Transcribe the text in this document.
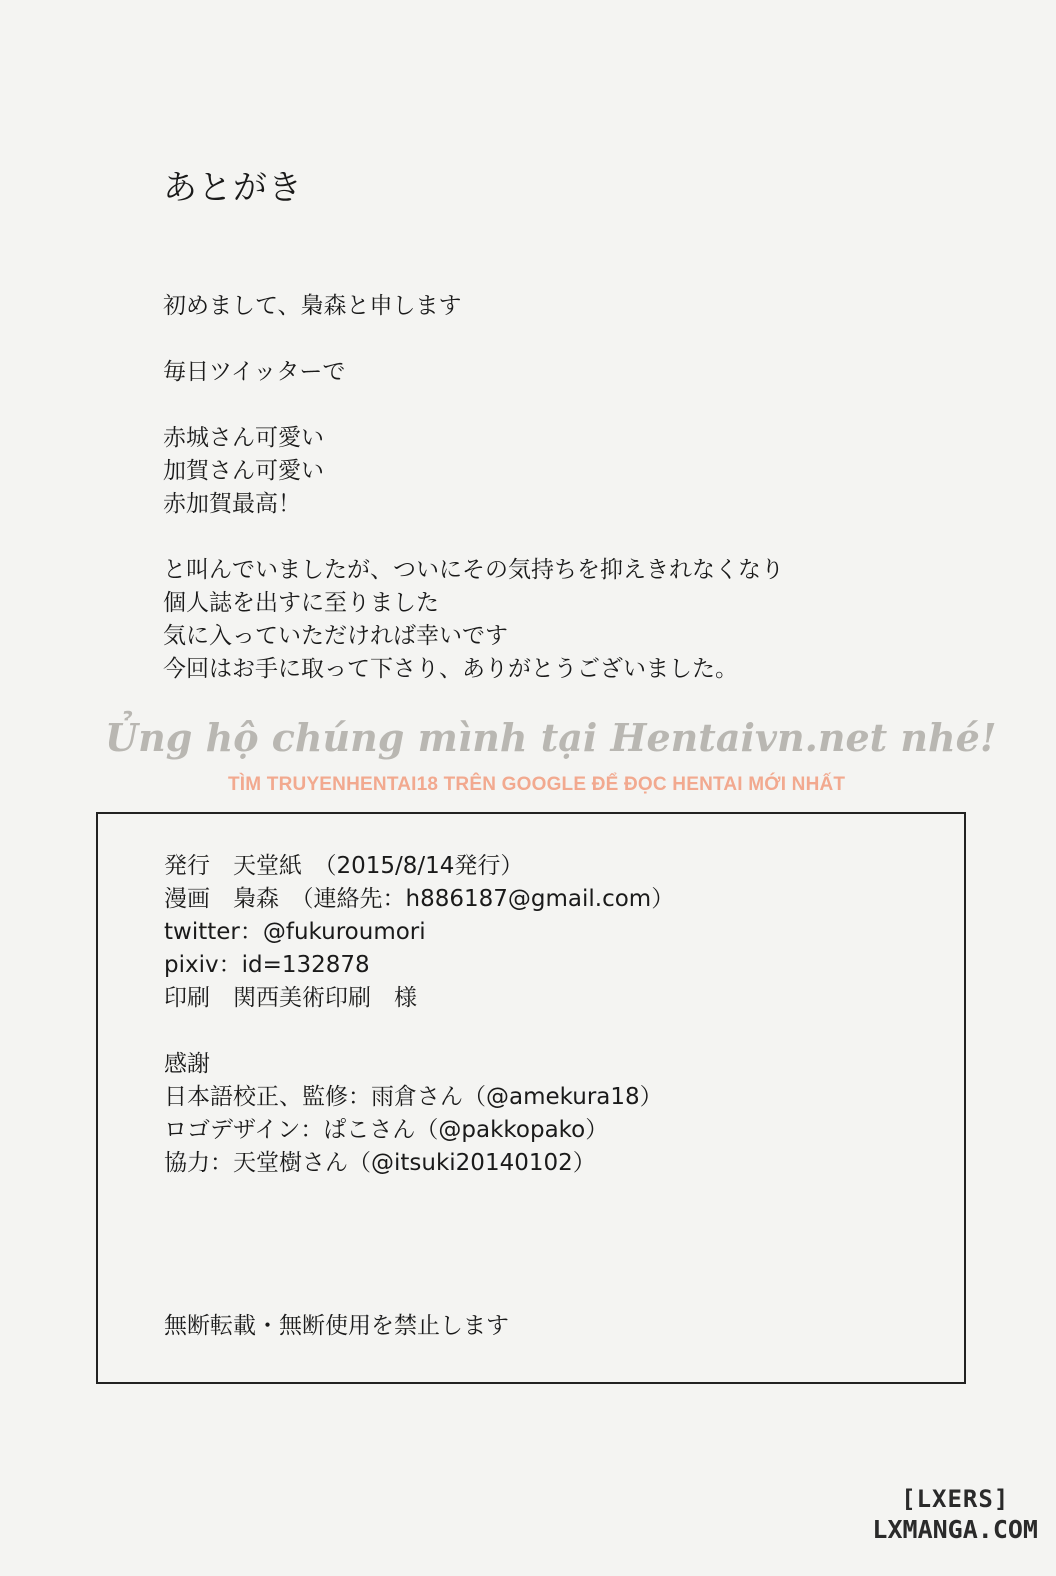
あとがき
初めまして、梟森と申します
毎日ツイッターで
赤城さん可愛い
加賀さん可愛い
赤加賀最高！
と叫んでいましたが、ついにその気持ちを抑えきれなくなり
個人誌を出すに至りました
気に入っていただければ幸いです
今回はお手に取って下さり、ありがとうございました。
Ủng hộ chúng mình tại Hentaivn.net nhé!
TÌM TRUYENHENTAI18 TRÊN GOOGLE ĐỂ ĐỌC HENTAI MỚI NHẤT
発行　天堂紙　（2015/8/14発行）
漫画　梟森　（連絡先：h886187@gmail.com）
twitter：@fukuroumori
pixiv：id=132878
印刷　関西美術印刷　様
感謝
日本語校正、監修：雨倉さん（@amekura18）
ロゴデザイン：ぱこさん（@pakkopako）
協力：天堂樹さん（@itsuki20140102）
無断転載・無断使用を禁止します
[LXERS]
LXMANGA.COM
